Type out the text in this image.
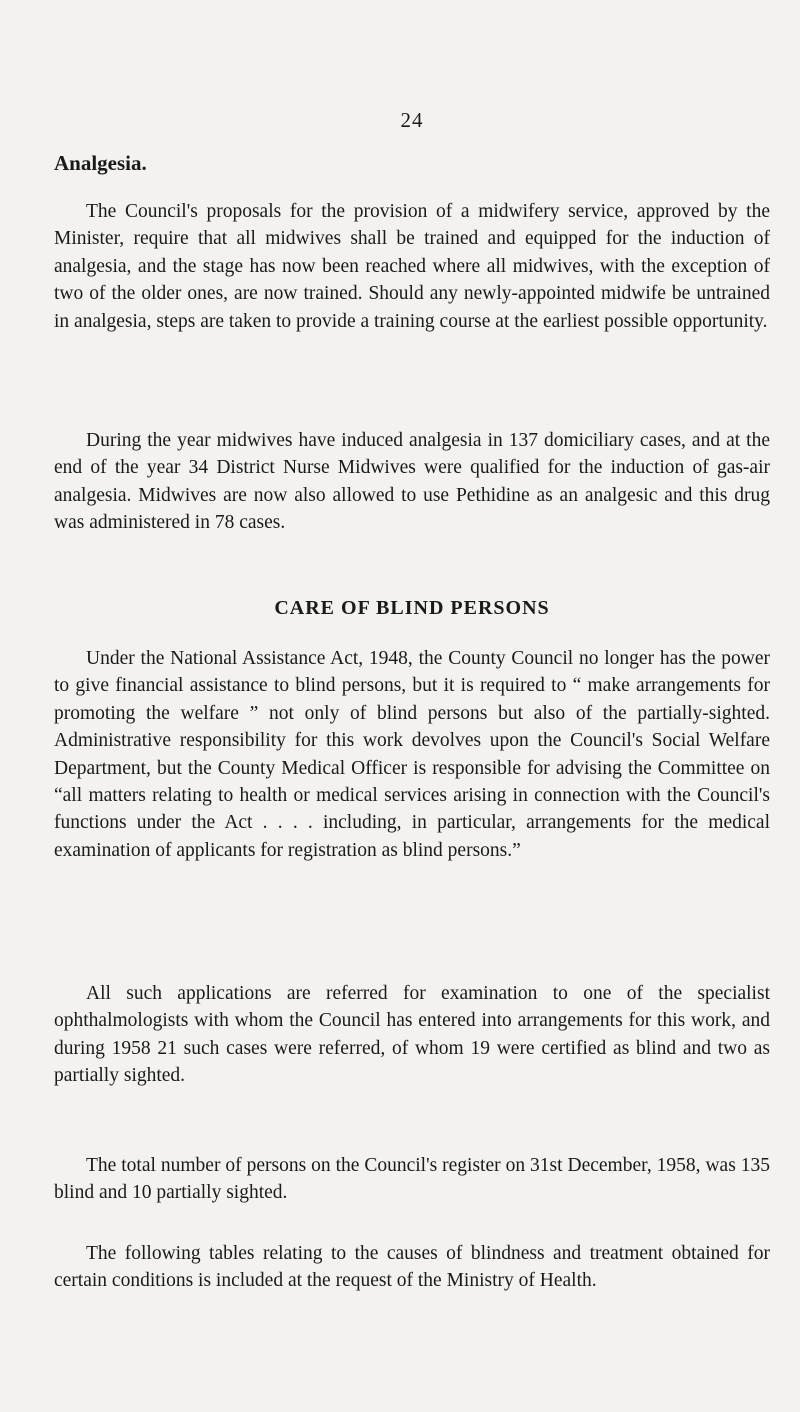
24
Analgesia.

The Council's proposals for the provision of a midwifery service, approved by the Minister, require that all midwives shall be trained and equipped for the induction of analgesia, and the stage has now been reached where all midwives, with the exception of two of the older ones, are now trained. Should any newly-appointed midwife be untrained in analgesia, steps are taken to provide a training course at the earliest possible opportunity.

During the year midwives have induced analgesia in 137 domiciliary cases, and at the end of the year 34 District Nurse Midwives were qualified for the induction of gas-air analgesia. Midwives are now also allowed to use Pethidine as an analgesic and this drug was administered in 78 cases.

CARE OF BLIND PERSONS

Under the National Assistance Act, 1948, the County Council no longer has the power to give financial assistance to blind persons, but it is required to “ make arrangements for promoting the welfare ” not only of blind persons but also of the partially-sighted. Administrative responsibility for this work devolves upon the Council's Social Welfare Department, but the County Medical Officer is responsible for advising the Committee on “all matters relating to health or medical services arising in connection with the Council's functions under the Act . . . . including, in particular, arrangements for the medical examination of applicants for registration as blind persons.”

All such applications are referred for examination to one of the specialist ophthalmologists with whom the Council has entered into arrangements for this work, and during 1958 21 such cases were referred, of whom 19 were certified as blind and two as partially sighted.

The total number of persons on the Council's register on 31st December, 1958, was 135 blind and 10 partially sighted.

The following tables relating to the causes of blindness and treatment obtained for certain conditions is included at the request of the Ministry of Health.
